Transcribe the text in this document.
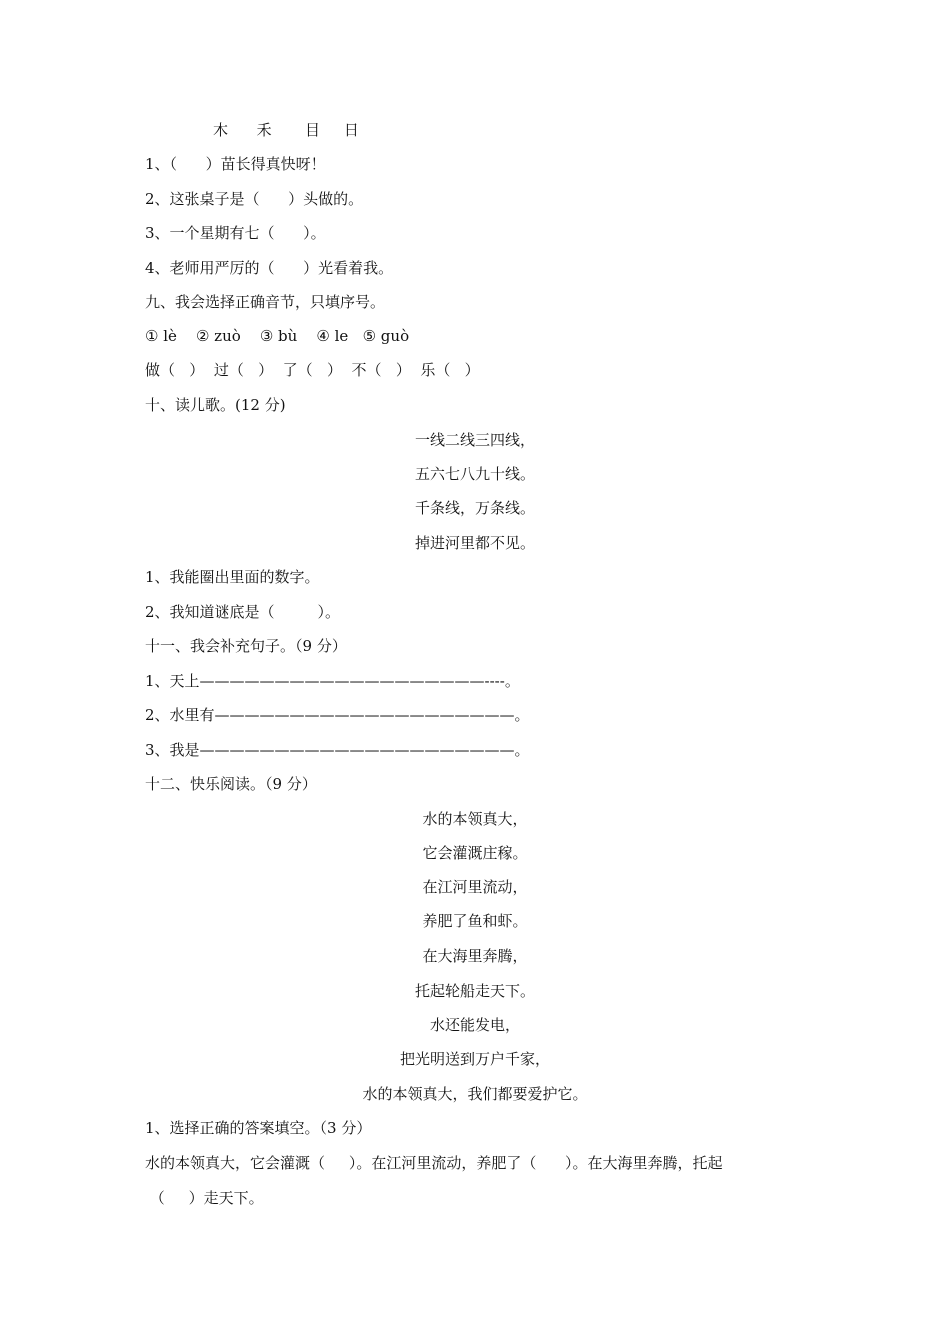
木      禾       目     日
1、（      ）苗长得真快呀！
2、这张桌子是（      ）头做的。
3、一个星期有七（      ）。
4、老师用严厉的（      ）光看着我。
九、我会选择正确音节，只填序号。
① lè    ② zuò    ③ bù    ④ le   ⑤ guò
做（   ）  过（   ）  了（   ）  不（   ）  乐（   ）
十、读儿歌。(12 分)
一线二线三四线，
五六七八九十线。
千条线，万条线。
掉进河里都不见。
1、我能圈出里面的数字。
2、我知道谜底是（         ）。
十一、我会补充句子。（9 分）
1、天上———————————————————----。
2、水里有————————————————————。
3、我是—————————————————————。
十二、快乐阅读。（9 分）
水的本领真大，
它会灌溉庄稼。
在江河里流动，
养肥了鱼和虾。
在大海里奔腾，
托起轮船走天下。
水还能发电，
把光明送到万户千家，
水的本领真大，我们都要爱护它。
1、选择正确的答案填空。（3 分）
水的本领真大，它会灌溉（     ）。在江河里流动，养肥了（      ）。在大海里奔腾，托起
（     ）走天下。
